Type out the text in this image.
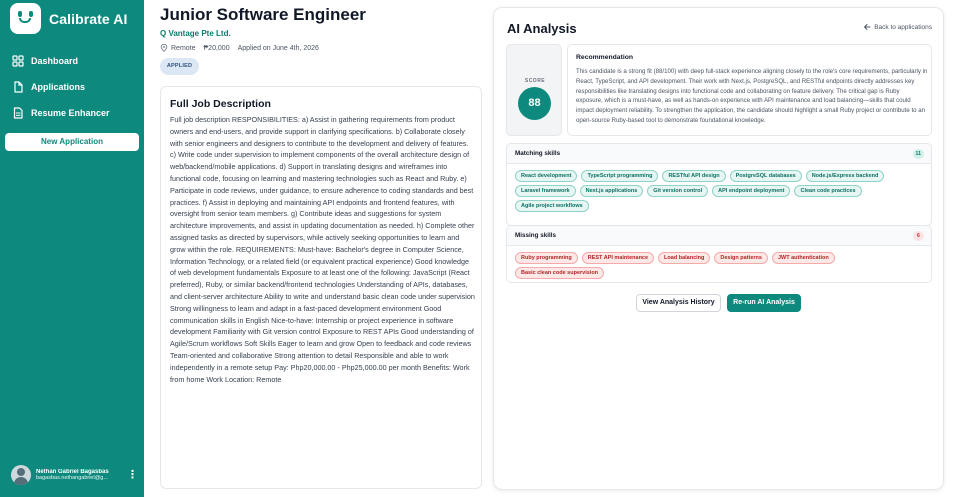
Calibrate AI
Dashboard
Applications
Resume Enhancer
New Application
Nethan Gabriel Bagasbas
bagasbas.nethangabriel@g...	⋮
Junior Software Engineer
Q Vantage Pte Ltd.
Remote ₱20,000 Applied on June 4th, 2026
APPLIED
Full Job Description

Full job description RESPONSIBILITIES: a) Assist in gathering requirements from product owners and end-users, and provide support in clarifying specifications. b) Collaborate closely with senior engineers and designers to contribute to the development and delivery of features. c) Write code under supervision to implement components of the overall architecture design of web/backend/mobile applications. d) Support in translating designs and wireframes into functional code, focusing on learning and mastering technologies such as React and Ruby. e) Participate in code reviews, under guidance, to ensure adherence to coding standards and best practices. f) Assist in deploying and maintaining API endpoints and frontend features, with oversight from senior team members. g) Contribute ideas and suggestions for system architecture improvements, and assist in updating documentation as needed. h) Complete other assigned tasks as directed by supervisors, while actively seeking opportunities to learn and grow within the role. REQUIREMENTS: Must-have: Bachelor's degree in Computer Science, Information Technology, or a related field (or equivalent practical experience) Good knowledge of web development fundamentals Exposure to at least one of the following: JavaScript (React preferred), Ruby, or similar backend/frontend technologies Understanding of APIs, databases, and client-server architecture Ability to write and understand basic clean code under supervision Strong willingness to learn and adapt in a fast-paced development environment Good communication skills in English Nice-to-have: Internship or project experience in software development Familiarity with Git version control Exposure to REST APIs Good understanding of Agile/Scrum workflows Soft Skills Eager to learn and grow Open to feedback and code reviews Team-oriented and collaborative Strong attention to detail Responsible and able to work independently in a remote setup Pay: Php20,000.00 - Php25,000.00 per month Benefits: Work from home Work Location: Remote

AI Analysis	Back to applications
SCORE
88
Recommendation

This candidate is a strong fit (88/100) with deep full-stack experience aligning closely to the role's core requirements, particularly in React, TypeScript, and API development. Their work with Next.js, PostgreSQL, and RESTful endpoints directly addresses key responsibilities like translating designs into functional code and collaborating on feature delivery. The critical gap is Ruby exposure, which is a must-have, as well as hands-on experience with API maintenance and load balancing—skills that could impact deployment reliability. To strengthen the application, the candidate should highlight a small Ruby project or contribute to an open-source Ruby-based tool to demonstrate foundational knowledge.

Matching skills	11
React development	TypeScript programming	RESTful API design	PostgreSQL databases	Node.js/Express backend
Laravel framework	Next.js applications	Git version control	API endpoint deployment	Clean code practices
Agile project workflows
Missing skills	6
Ruby programming	REST API maintenance	Load balancing	Design patterns	JWT authentication
Basic clean code supervision
View Analysis History	Re-run AI Analysis
